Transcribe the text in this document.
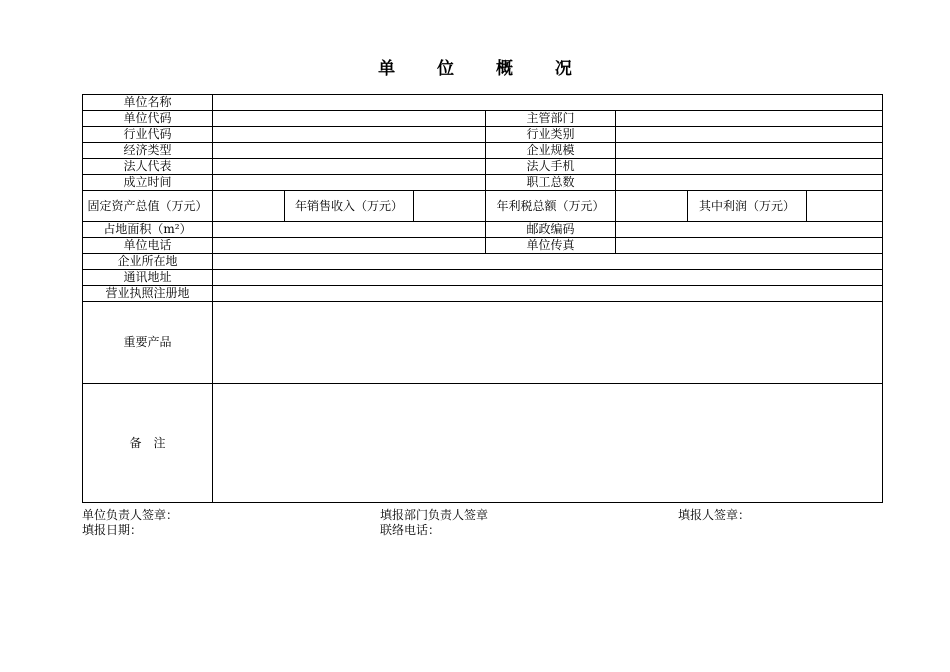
单 位 概 况
单位名称							
单位代码				主管部门			
行业代码				行业类别			
经济类型				企业规模			
法人代表				法人手机			
成立时间				职工总数			
固定资产总值（万元）		年销售收入（万元）		年利税总额（万元）		其中利润（万元）	
占地面积（m²）				邮政编码			
单位电话				单位传真			
企业所在地							
通讯地址							
营业执照注册地							
重要产品							
备　注							
单位负责人签章：	填报部门负责人签章	填报人签章：
填报日期：	联络电话：
